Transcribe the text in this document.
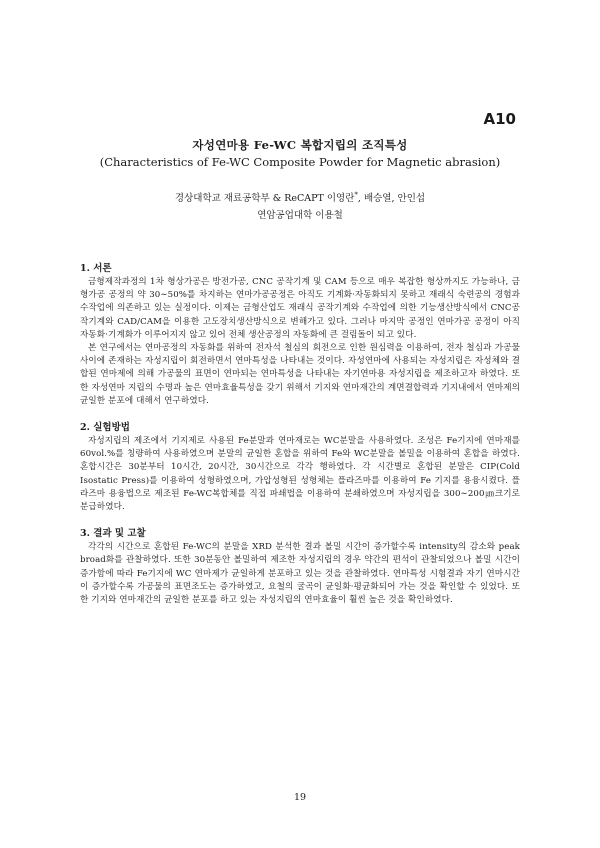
A10
자성연마용 Fe-WC 복합지립의 조직특성
(Characteristics of Fe-WC Composite Powder for Magnetic abrasion)
경상대학교 재료공학부 & ReCAPT 이영란*, 배승열, 안인섭
연암공업대학 이용철
1. 서론

금형제작과정의 1차 형상가공은 방전가공, CNC 공작기계 및 CAM 등으로 매우 복잡한 형상까지도 가능하나, 금형가공 공정의 약 30∼50%를 차지하는 연마가공공정은 아직도 기계화·자동화되지 못하고 재래식 숙련공의 경험과 수작업에 의존하고 있는 실정이다. 이제는 금형산업도 재래식 공작기계와 수작업에 의한 기능생산방식에서 CNC공작기계와 CAD/CAM을 이용한 고도장치생산방식으로 변해가고 있다. 그러나 마지막 공정인 연마가공 공정이 아직 자동화·기계화가 이루어지지 않고 있어 전체 생산공정의 자동화에 큰 걸림돌이 되고 있다.

본 연구에서는 연마공정의 자동화를 위하여 전자석 철심의 회전으로 인한 원심력을 이용하여, 전자 철심과 가공물 사이에 존재하는 자성지립이 회전하면서 연마특성을 나타내는 것이다. 자성연마에 사용되는 자성지립은 자성체와 결합된 연마제에 의해 가공물의 표면이 연마되는 연마특성을 나타내는 자기연마용 자성지립을 제조하고자 하였다. 또한 자성연마 지립의 수명과 높은 연마효율특성을 갖기 위해서 기지와 연마재간의 계면결합력과 기지내에서 연마제의 균일한 분포에 대해서 연구하였다.

2. 실험방법

자성지립의 제조에서 기지제로 사용된 Fe분말과 연마재로는 WC분말을 사용하였다. 조성은 Fe기지에 연마재를 60vol.%를 칭량하여 사용하였으며 분말의 균일한 혼합을 위하여 Fe와 WC분말을 볼밀을 이용하여 혼합을 하였다. 혼합시간은 30분부터 10시간, 20시간, 30시간으로 각각 행하였다. 각 시간별로 혼합된 분말은 CIP(Cold Isostatic Press)를 이용하여 성형하였으며, 가압성형된 성형체는 플라즈마를 이용하여 Fe 기지를 용융시켰다. 플라즈마 용융법으로 제조된 Fe-WC복합체를 직접 파쇄법을 이용하여 분쇄하였으며 자성지립을 300∼200㎛크기로 분급하였다.

3. 결과 및 고찰

각각의 시간으로 혼합된 Fe-WC의 분말을 XRD 분석한 결과 볼밀 시간이 증가할수록 intensity의 감소와 peak broad화를 관찰하였다. 또한 30분동안 볼밀하여 제조한 자성지립의 경우 약간의 편석이 관찰되었으나 볼밀 시간이 증가함에 따라 Fe기지에 WC 연마제가 균일하게 분포하고 있는 것을 관찰하였다. 연마특성 시험결과 자기 연마시간이 증가할수록 가공물의 표면조도는 증가하였고, 요철의 굴곡이 균일화·평균화되어 가는 것을 확인할 수 있었다. 또한 기지와 연마재간의 균일한 분포를 하고 있는 자성지립의 연마효율이 훨씬 높은 것을 확인하였다.

19
